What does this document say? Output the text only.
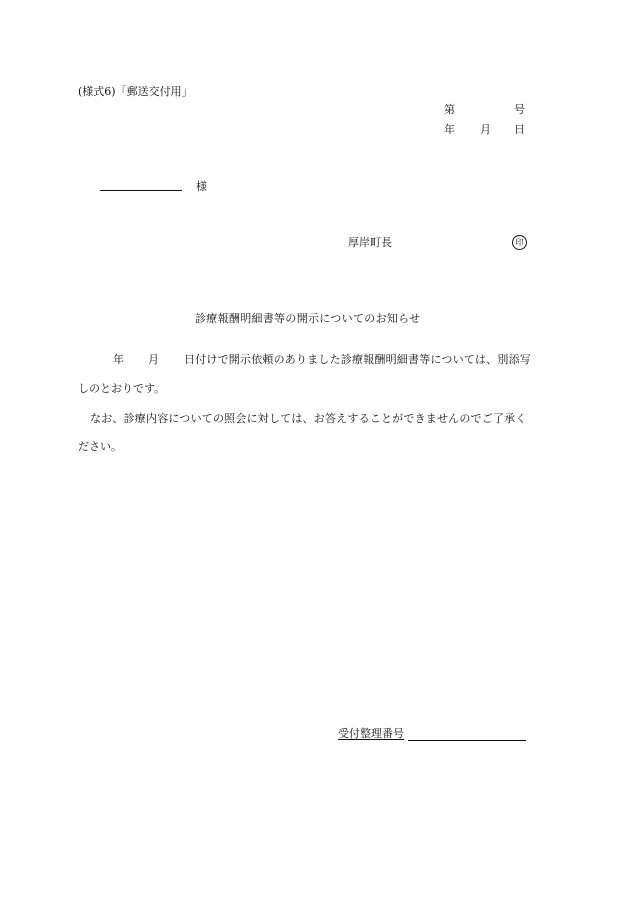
(様式6)「郵送交付用」
第	号
年 月 日
様
厚岸町長	印
診療報酬明細書等の開示についてのお知らせ
年 月 日付けで開示依頼のありました診療報酬明細書等については、別添写
しのとおりです。
なお、診療内容についての照会に対しては、お答えすることができませんのでご了承く
ださい。
受付整理番号
